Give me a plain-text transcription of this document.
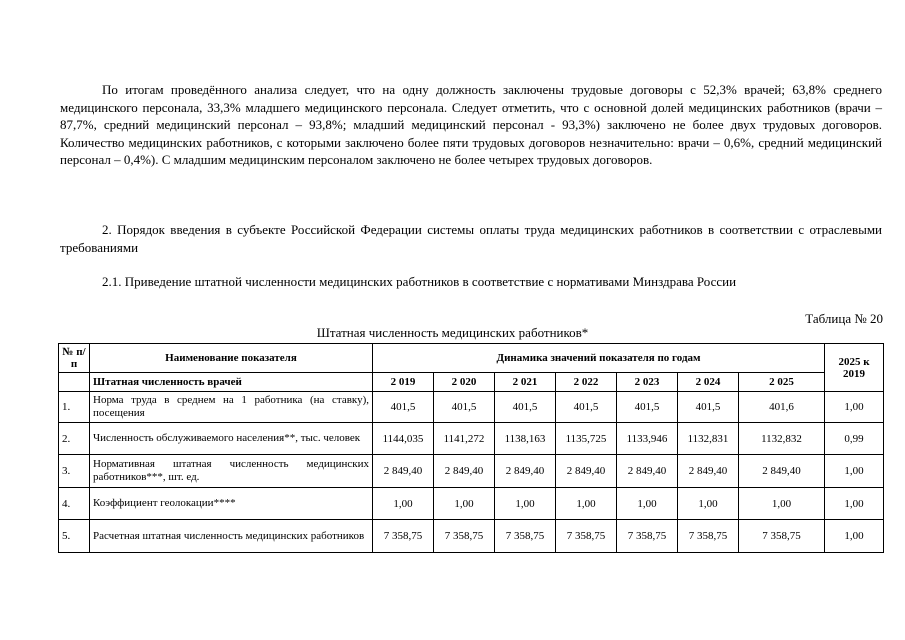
По итогам проведённого анализа следует, что на одну должность заключены трудовые договоры с 52,3% врачей; 63,8% среднего медицинского персонала, 33,3% младшего медицинского персонала. Следует отметить, что с основной долей медицинских работников (врачи – 87,7%, средний медицинский персонал – 93,8%; младший медицинский персонал - 93,3%) заключено не более двух трудовых договоров. Количество медицинских работников, с которыми заключено более пяти трудовых договоров незначительно: врачи – 0,6%, средний медицинский персонал – 0,4%). С младшим медицинским персоналом заключено не более четырех трудовых договоров.

2. Порядок введения в субъекте Российской Федерации системы оплаты труда медицинских работников в соответствии с отраслевыми требованиями

2.1. Приведение штатной численности медицинских работников в соответствие с нормативами Минздрава России

Таблица № 20
Штатная численность медицинских работников*
№ п/п	Наименование показателя	Динамика значений показателя по годам							2025 к 2019
	Штатная численность врачей	2 019	2 020	2 021	2 022	2 023	2 024	2 025	
1.	Норма труда в среднем на 1 работника (на ставку), посещения	401,5	401,5	401,5	401,5	401,5	401,5	401,6	1,00
2.	Численность обслуживаемого населения**, тыс. человек	1144,035	1141,272	1138,163	1135,725	1133,946	1132,831	1132,832	0,99
3.	Нормативная штатная численность медицинских работников***, шт. ед.	2 849,40	2 849,40	2 849,40	2 849,40	2 849,40	2 849,40	2 849,40	1,00
4.	Коэффициент геолокации****	1,00	1,00	1,00	1,00	1,00	1,00	1,00	1,00
5.	Расчетная штатная численность медицинских работников	7 358,75	7 358,75	7 358,75	7 358,75	7 358,75	7 358,75	7 358,75	1,00
